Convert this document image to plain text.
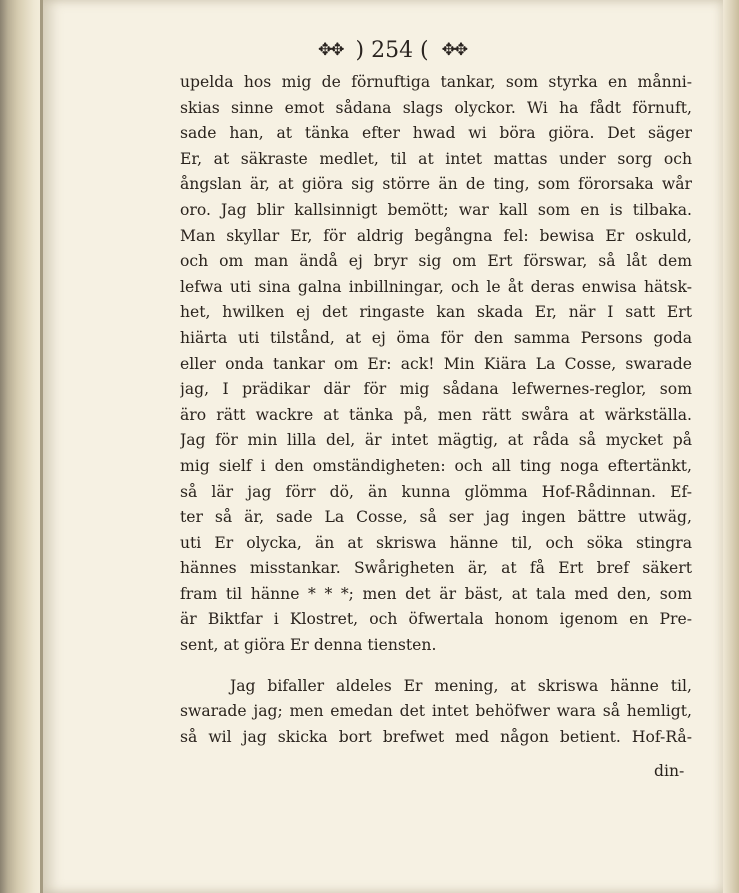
✥✥ ) 254 ( ✥✥
upelda hos mig de förnuftiga tankar, som styrka en månni-
skias sinne emot sådana slags olyckor. Wi ha fådt förnuft,
sade han, at tänka efter hwad wi böra giöra. Det säger
Er, at säkraste medlet, til at intet mattas under sorg och
ångslan är, at giöra sig större än de ting, som förorsaka wår
oro. Jag blir kallsinnigt bemött; war kall som en is tilbaka.
Man skyllar Er, för aldrig begångna fel: bewisa Er oskuld,
och om man ändå ej bryr sig om Ert förswar, så låt dem
lefwa uti sina galna inbillningar, och le åt deras enwisa hätsk-
het, hwilken ej det ringaste kan skada Er, när I satt Ert
hiärta uti tilstånd, at ej öma för den samma Persons goda
eller onda tankar om Er: ack! Min Kiära La Cosse, swarade
jag, I prädikar där för mig sådana lefwernes-reglor, som
äro rätt wackre at tänka på, men rätt swåra at wärkställa.
Jag för min lilla del, är intet mägtig, at råda så mycket på
mig sielf i den omständigheten: och all ting noga eftertänkt,
så lär jag förr dö, än kunna glömma Hof-Rådinnan. Ef-
ter så är, sade La Cosse, så ser jag ingen bättre utwäg,
uti Er olycka, än at skriswa hänne til, och söka stingra
hännes misstankar. Swårigheten är, at få Ert bref säkert
fram til hänne * * *; men det är bäst, at tala med den, som
är Biktfar i Klostret, och öfwertala honom igenom en Pre-
sent, at giöra Er denna tiensten.
Jag bifaller aldeles Er mening, at skriswa hänne til,
swarade jag; men emedan det intet behöfwer wara så hemligt,
så wil jag skicka bort brefwet med någon betient. Hof-Rå-
din-
